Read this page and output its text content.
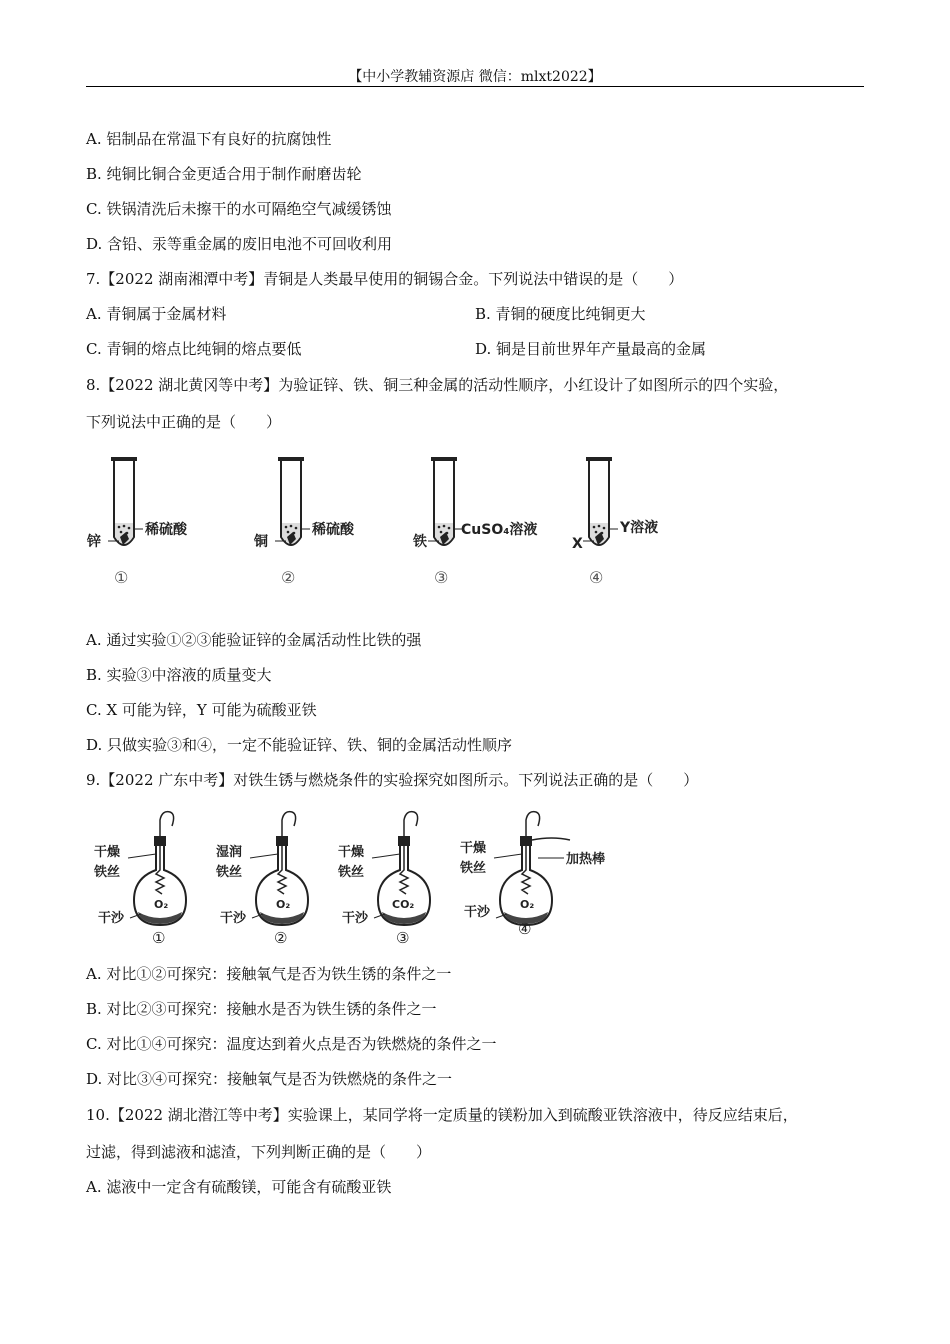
【中小学教辅资源店 微信：mlxt2022】
A. 铝制品在常温下有良好的抗腐蚀性
B. 纯铜比铜合金更适合用于制作耐磨齿轮
C. 铁锅清洗后未擦干的水可隔绝空气减缓锈蚀
D. 含铅、汞等重金属的废旧电池不可回收利用
7.【2022 湖南湘潭中考】青铜是人类最早使用的铜锡合金。下列说法中错误的是（　　）
A. 青铜属于金属材料	B. 青铜的硬度比纯铜更大
C. 青铜的熔点比纯铜的熔点要低	D. 铜是目前世界年产量最高的金属
8.【2022 湖北黄冈等中考】为验证锌、铁、铜三种金属的活动性顺序，小红设计了如图所示的四个实验，
下列说法中正确的是（　　）
锌
稀硫酸
①
铜
稀硫酸
②
铁
CuSO₄溶液
③
X
Y溶液
④
A. 通过实验①②③能验证锌的金属活动性比铁的强
B. 实验③中溶液的质量变大
C. X 可能为锌，Y 可能为硫酸亚铁
D. 只做实验③和④，一定不能验证锌、铁、铜的金属活动性顺序
9.【2022 广东中考】对铁生锈与燃烧条件的实验探究如图所示。下列说法正确的是（　　）
干燥
铁丝
O₂
干沙
①
湿润
铁丝
O₂
干沙
②
干燥
铁丝
CO₂
干沙
③
干燥
铁丝
加热棒
O₂
干沙
④
A. 对比①②可探究：接触氧气是否为铁生锈的条件之一
B. 对比②③可探究：接触水是否为铁生锈的条件之一
C. 对比①④可探究：温度达到着火点是否为铁燃烧的条件之一
D. 对比③④可探究：接触氧气是否为铁燃烧的条件之一
10.【2022 湖北潜江等中考】实验课上，某同学将一定质量的镁粉加入到硫酸亚铁溶液中，待反应结束后，
过滤，得到滤液和滤渣，下列判断正确的是（　　）
A. 滤液中一定含有硫酸镁，可能含有硫酸亚铁
